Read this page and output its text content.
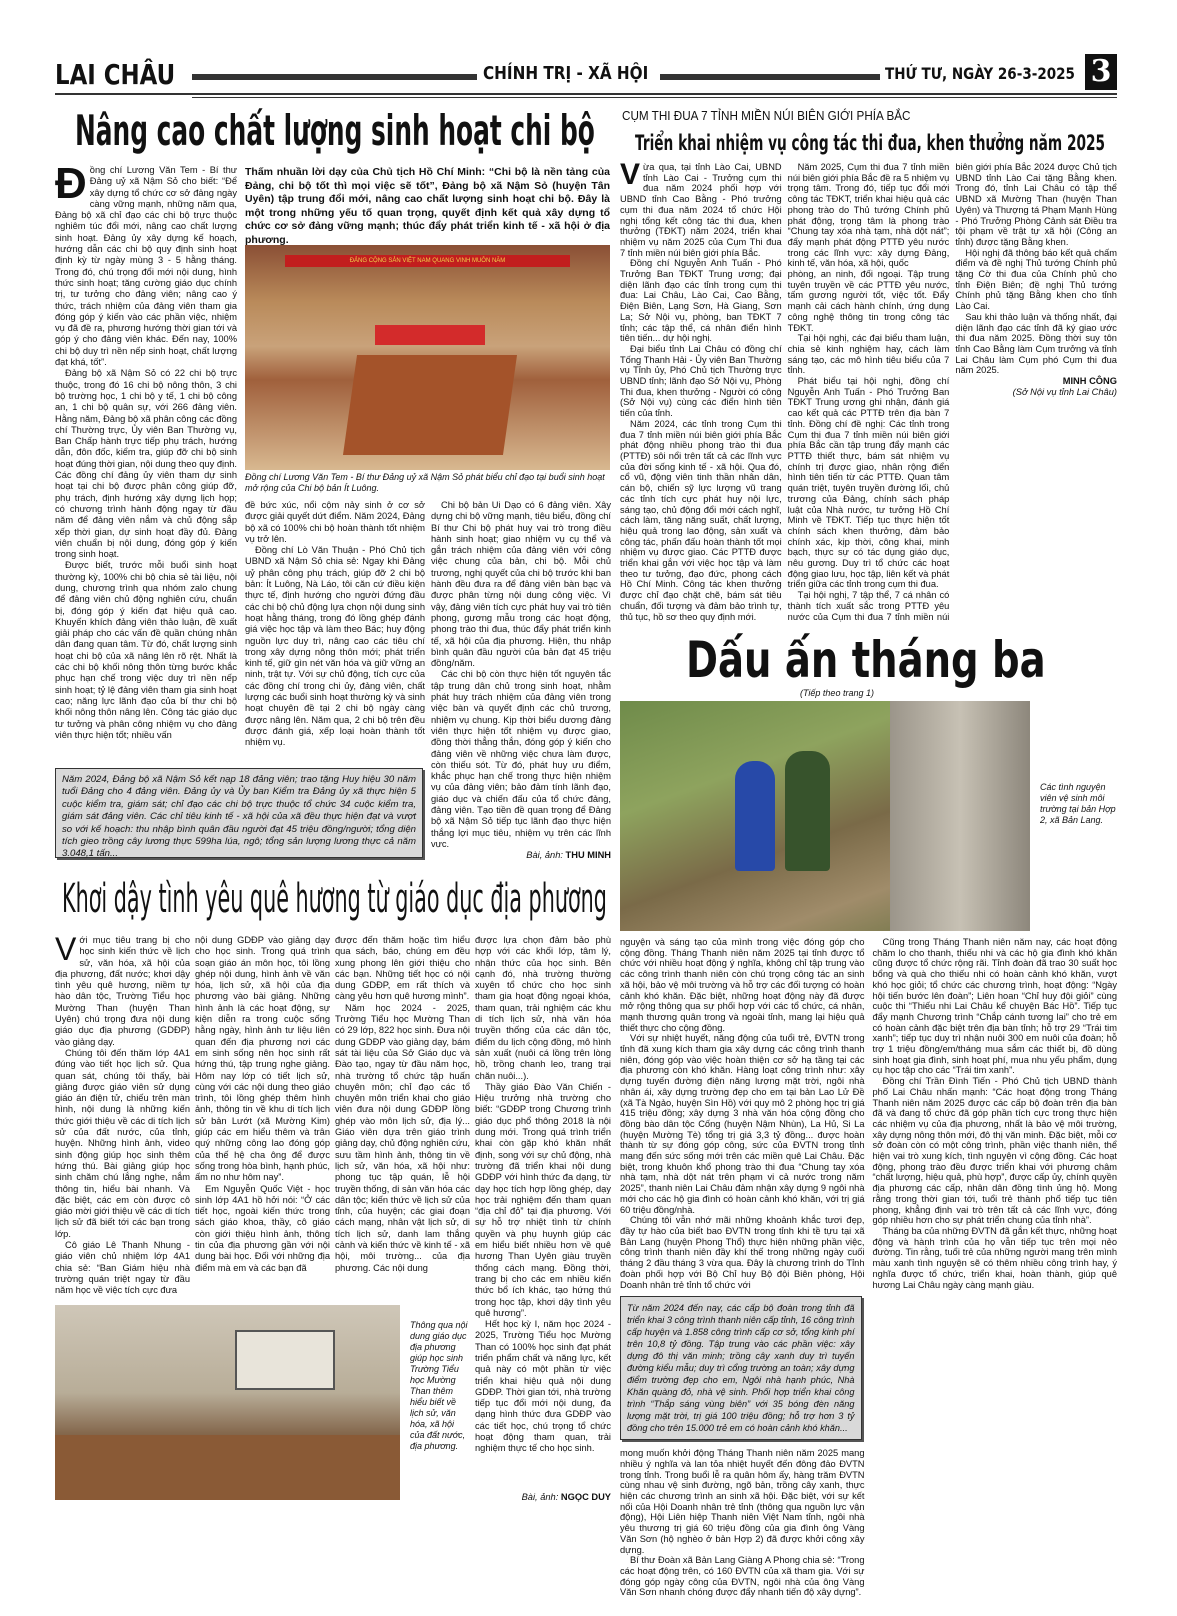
LAI CHÂU	CHÍNH TRỊ - XÃ HỘI	THỨ TƯ, NGÀY 26-3-2025 3
Nâng cao chất lượng sinh hoạt chi bộ
Đ ồng chí Lương Văn Tem - Bí thư Đảng uỷ xã Nậm Sỏ cho biết: “Để xây dựng tổ chức cơ sở đảng ngày càng vững mạnh, những năm qua, Đảng bộ xã chỉ đạo các chi bộ trực thuộc nghiêm túc đổi mới, nâng cao chất lượng sinh hoạt. Đảng ủy xây dựng kế hoạch, hướng dẫn các chi bộ quy định sinh hoạt định kỳ từ ngày mùng 3 - 5 hằng tháng. Trong đó, chú trọng đổi mới nội dung, hình thức sinh hoạt; tăng cường giáo dục chính trị, tư tưởng cho đảng viên; nâng cao ý thức, trách nhiệm của đảng viên tham gia đóng góp ý kiến vào các phần việc, nhiệm vụ đã đề ra, phương hướng thời gian tới và góp ý cho đảng viên khác. Đến nay, 100% chi bộ duy trì nền nếp sinh hoạt, chất lượng đạt khá, tốt”.

Đảng bộ xã Nậm Sỏ có 22 chi bộ trực thuộc, trong đó 16 chi bộ nông thôn, 3 chi bộ trường học, 1 chi bộ y tế, 1 chi bộ công an, 1 chi bộ quân sự, với 266 đảng viên. Hằng năm, Đảng bộ xã phân công các đồng chí Thường trực, Ủy viên Ban Thường vụ, Ban Chấp hành trực tiếp phụ trách, hướng dẫn, đôn đốc, kiểm tra, giúp đỡ chi bộ sinh hoạt đúng thời gian, nội dung theo quy định. Các đồng chí đảng ủy viên tham dự sinh hoạt tại chi bộ được phân công giúp đỡ, phụ trách, định hướng xây dựng lịch họp; có chương trình hành động ngay từ đầu năm để đảng viên nắm và chủ động sắp xếp thời gian, dự sinh hoạt đầy đủ. Đảng viên chuẩn bị nội dung, đóng góp ý kiến trong sinh hoạt.

Được biết, trước mỗi buổi sinh hoạt thường kỳ, 100% chi bộ chia sẻ tài liệu, nội dung, chương trình qua nhóm zalo chung để đảng viên chủ động nghiên cứu, chuẩn bị, đóng góp ý kiến đạt hiệu quả cao. Khuyến khích đảng viên thảo luận, đề xuất giải pháp cho các vấn đề quần chúng nhân dân đang quan tâm. Từ đó, chất lượng sinh hoạt chi bộ của xã nâng lên rõ rệt. Nhất là các chi bộ khối nông thôn từng bước khắc phục hạn chế trong việc duy trì nền nếp sinh hoạt; tỷ lệ đảng viên tham gia sinh hoạt cao; năng lực lãnh đạo của bí thư chi bộ khối nông thôn nâng lên. Công tác giáo dục tư tưởng và phân công nhiệm vụ cho đảng viên thực hiện tốt; nhiều vấn

Thấm nhuần lời dạy của Chủ tịch Hồ Chí Minh: “Chi bộ là nền tảng của Đảng, chi bộ tốt thì mọi việc sẽ tốt”, Đảng bộ xã Nậm Sỏ (huyện Tân Uyên) tập trung đổi mới, nâng cao chất lượng sinh hoạt chi bộ. Đây là một trong những yếu tố quan trọng, quyết định kết quả xây dựng tổ chức cơ sở đảng vững mạnh; thúc đẩy phát triển kinh tế - xã hội ở địa phương.
ĐẢNG CỘNG SẢN VIỆT NAM QUANG VINH MUÔN NĂM
Đồng chí Lương Văn Tem - Bí thư Đảng uỷ xã Nậm Sỏ phát biểu chỉ đạo tại buổi sinh hoạt mở rộng của Chi bộ bản Ít Luông.

đề bức xúc, nổi cộm nảy sinh ở cơ sở được giải quyết dứt điểm. Năm 2024, Đảng bộ xã có 100% chi bộ hoàn thành tốt nhiệm vụ trở lên.

Đồng chí Lò Văn Thuận - Phó Chủ tịch UBND xã Nậm Sỏ chia sẻ: Ngay khi Đảng uỷ phân công phụ trách, giúp đỡ 2 chi bộ bản: Ít Luông, Nà Láo, tôi căn cứ điều kiện thực tế, định hướng cho người đứng đầu các chi bộ chủ động lựa chọn nội dung sinh hoạt hằng tháng, trong đó lồng ghép đánh giá việc học tập và làm theo Bác; huy động nguồn lực duy trì, nâng cao các tiêu chí trong xây dựng nông thôn mới; phát triển kinh tế, giữ gìn nét văn hóa và giữ vững an ninh, trật tự. Với sự chủ động, tích cực của các đồng chí trong chi ủy, đảng viên, chất lượng các buổi sinh hoạt thường kỳ và sinh hoạt chuyên đề tại 2 chi bộ ngày càng được nâng lên. Năm qua, 2 chi bộ trên đều được đánh giá, xếp loại hoàn thành tốt nhiệm vụ.

Chi bộ bản Ui Dạo có 6 đảng viên. Xây dựng chi bộ vững mạnh, tiêu biểu, đồng chí Bí thư Chi bộ phát huy vai trò trong điều hành sinh hoạt; giao nhiệm vụ cụ thể và gắn trách nhiệm của đảng viên với công việc chung của bản, chi bộ. Mỗi chủ trương, nghị quyết của chi bộ trước khi ban hành đều đưa ra để đảng viên bàn bạc và được phân từng nội dung công việc. Vì vậy, đảng viên tích cực phát huy vai trò tiên phong, gương mẫu trong các hoạt động, phong trào thi đua, thúc đẩy phát triển kinh tế, xã hội của địa phương. Hiện, thu nhập bình quân đầu người của bản đạt 45 triệu đồng/năm.

Các chi bộ còn thực hiện tốt nguyên tắc tập trung dân chủ trong sinh hoạt, nhằm phát huy trách nhiệm của đảng viên trong việc bàn và quyết định các chủ trương, nhiệm vụ chung. Kịp thời biểu dương đảng viên thực hiện tốt nhiệm vụ được giao, đồng thời thẳng thắn, đóng góp ý kiến cho đảng viên về những việc chưa làm được, còn thiếu sót. Từ đó, phát huy ưu điểm, khắc phục hạn chế trong thực hiện nhiệm vụ của đảng viên; bảo đảm tính lãnh đạo, giáo dục và chiến đấu của tổ chức đảng, đảng viên. Tạo tiền đề quan trọng để Đảng bộ xã Nậm Sỏ tiếp tục lãnh đạo thực hiện thắng lợi mục tiêu, nhiệm vụ trên các lĩnh vực.

Bài, ảnh: THU MINH
Năm 2024, Đảng bộ xã Nậm Sỏ kết nạp 18 đảng viên; trao tặng Huy hiệu 30 năm tuổi Đảng cho 4 đảng viên. Đảng ủy và Ủy ban Kiểm tra Đảng ủy xã thực hiện 5 cuộc kiểm tra, giám sát; chỉ đạo các chi bộ trực thuộc tổ chức 34 cuộc kiểm tra, giám sát đảng viên. Các chỉ tiêu kinh tế - xã hội của xã đều thực hiện đạt và vượt so với kế hoạch: thu nhập bình quân đầu người đạt 45 triệu đồng/người; tổng diện tích gieo trồng cây lương thực 599ha lúa, ngô; tổng sản lượng lương thực cả năm 3.048,1 tấn...
CỤM THI ĐUA 7 TỈNH MIỀN NÚI BIÊN GIỚI PHÍA BẮC
Triển khai nhiệm vụ công tác thi đua, khen thưởng năm 2025
V ừa qua, tại tỉnh Lào Cai, UBND tỉnh Lào Cai - Trưởng cụm thi đua năm 2024 phối hợp với UBND tỉnh Cao Bằng - Phó trưởng cụm thi đua năm 2024 tổ chức Hội nghị tổng kết công tác thi đua, khen thưởng (TĐKT) năm 2024, triển khai nhiệm vụ năm 2025 của Cụm Thi đua 7 tỉnh miền núi biên giới phía Bắc.

Đồng chí Nguyễn Anh Tuấn - Phó Trưởng Ban TĐKT Trung ương; đại diện lãnh đạo các tỉnh trong cụm thi đua: Lai Châu, Lào Cai, Cao Bằng, Điện Biên, Lạng Sơn, Hà Giang, Sơn La; Sở Nội vụ, phòng, ban TĐKT 7 tỉnh; các tập thể, cá nhân điển hình tiên tiến... dự hội nghị.

Đại biểu tỉnh Lai Châu có đồng chí Tống Thanh Hải - Ủy viên Ban Thường vụ Tỉnh ủy, Phó Chủ tịch Thường trực UBND tỉnh; lãnh đạo Sở Nội vụ, Phòng Thi đua, khen thưởng - Người có công (Sở Nội vụ) cùng các điển hình tiên tiến của tỉnh.

Năm 2024, các tỉnh trong Cụm thi đua 7 tỉnh miền núi biên giới phía Bắc phát động nhiều phong trào thi đua (PTTĐ) sôi nổi trên tất cả các lĩnh vực của đời sống kinh tế - xã hội. Qua đó, cổ vũ, động viên tinh thần nhân dân, cán bộ, chiến sỹ lực lượng vũ trang các tỉnh tích cực phát huy nội lực, sáng tạo, chủ động đổi mới cách nghĩ, cách làm, tăng năng suất, chất lượng, hiệu quả trong lao động, sản xuất và công tác, phấn đấu hoàn thành tốt mọi nhiệm vụ được giao. Các PTTĐ được triển khai gắn với việc học tập và làm theo tư tưởng, đạo đức, phong cách Hồ Chí Minh. Công tác khen thưởng được chỉ đạo chặt chẽ, bám sát tiêu chuẩn, đối tượng và đảm bảo trình tự, thủ tục, hồ sơ theo quy định mới.

Năm 2025, Cụm thi đua 7 tỉnh miền núi biên giới phía Bắc đề ra 5 nhiệm vụ trọng tâm. Trong đó, tiếp tục đổi mới công tác TĐKT, triển khai hiệu quả các phong trào do Thủ tướng Chính phủ phát động, trọng tâm là phong trào “Chung tay xóa nhà tạm, nhà dột nát”; đẩy mạnh phát động PTTĐ yêu nước trong các lĩnh vực: xây dựng Đảng, kinh tế, văn hóa, xã hội, quốc

phòng, an ninh, đối ngoại. Tập trung tuyên truyền về các PTTĐ yêu nước, tấm gương người tốt, việc tốt. Đẩy mạnh cải cách hành chính, ứng dụng công nghệ thông tin trong công tác TĐKT.

Tại hội nghị, các đại biểu tham luận, chia sẻ kinh nghiệm hay, cách làm sáng tạo, các mô hình tiêu biểu của 7 tỉnh.

Phát biểu tại hội nghị, đồng chí Nguyễn Anh Tuấn - Phó Trưởng Ban TĐKT Trung ương ghi nhận, đánh giá cao kết quả các PTTĐ trên địa bàn 7 tỉnh. Đồng chí đề nghị: Các tỉnh trong Cụm thi đua 7 tỉnh miền núi biên giới phía Bắc cần tập trung đẩy mạnh các PTTĐ thiết thực, bám sát nhiệm vụ chính trị được giao, nhân rộng điển hình tiên tiến từ các PTTĐ. Quan tâm quán triệt, tuyên truyền đường lối, chủ trương của Đảng, chính sách pháp luật của Nhà nước, tư tưởng Hồ Chí Minh về TĐKT. Tiếp tục thực hiện tốt chính sách khen thưởng, đảm bảo chính xác, kịp thời, công khai, minh bạch, thực sự có tác dụng giáo dục, nêu gương. Duy trì tổ chức các hoạt động giao lưu, học tập, liên kết và phát triển giữa các tỉnh trong cụm thi đua.

Tại hội nghị, 7 tập thể, 7 cá nhân có thành tích xuất sắc trong PTTĐ yêu nước của Cụm thi đua 7 tỉnh miền núi biên giới phía Bắc 2024 được Chủ tịch UBND tỉnh Lào Cai tặng Bằng khen. Trong đó, tỉnh Lai Châu có tập thể UBND xã Mường Than (huyện Than Uyên) và Thượng tá Phạm Mạnh Hùng - Phó Trưởng Phòng Cảnh sát Điều tra tội phạm về trật tự xã hội (Công an tỉnh) được tặng Bằng khen.

Hội nghị đã thông báo kết quả chấm điểm và đề nghị Thủ tướng Chính phủ tặng Cờ thi đua của Chính phủ cho tỉnh Điện Biên; đề nghị Thủ tướng Chính phủ tặng Bằng khen cho tỉnh Lào Cai.

Sau khi thảo luận và thống nhất, đại diện lãnh đạo các tỉnh đã ký giao ước thi đua năm 2025. Đồng thời suy tôn tỉnh Cao Bằng làm Cụm trưởng và tỉnh Lai Châu làm Cụm phó Cụm thi đua năm 2025.

MINH CÔNG
(Sở Nội vụ tỉnh Lai Châu)
Dấu ấn tháng ba
(Tiếp theo trang 1)
Các tình nguyện viên vệ sinh môi trường tại bản Hợp 2, xã Bản Lang.

nguyện và sáng tạo của mình trong việc đóng góp cho cộng đồng. Tháng Thanh niên năm 2025 tại tỉnh được tổ chức với nhiều hoạt động ý nghĩa, không chỉ tập trung vào các công trình thanh niên còn chú trọng công tác an sinh xã hội, bảo vệ môi trường và hỗ trợ các đối tượng có hoàn cảnh khó khăn. Đặc biệt, những hoạt động này đã được mở rộng thông qua sự phối hợp với các tổ chức, cá nhân, mạnh thương quân trong và ngoài tỉnh, mang lại hiệu quả thiết thực cho cộng đồng.

Với sự nhiệt huyết, năng động của tuổi trẻ, ĐVTN trong tỉnh đã xung kích tham gia xây dựng các công trình thanh niên, đóng góp vào việc hoàn thiện cơ sở hạ tầng tại các địa phương còn khó khăn. Hàng loạt công trình như: xây dựng tuyến đường điện năng lượng mặt trời, ngôi nhà nhân ái, xây dựng trường đẹp cho em tại bản Lao Lử Đề (xã Tà Ngảo, huyện Sìn Hồ) với quy mô 2 phòng học trị giá 415 triệu đồng; xây dựng 3 nhà văn hóa cộng đồng cho đồng bào dân tộc Cống (huyện Nậm Nhùn), La Hủ, Si La (huyện Mường Tè) tổng trị giá 3,3 tỷ đồng... được hoàn thành từ sự đóng góp công, sức của ĐVTN trong tỉnh mang đến sức sống mới trên các miền quê Lai Châu. Đặc biệt, trong khuôn khổ phong trào thi đua “Chung tay xóa nhà tạm, nhà dột nát trên phạm vi cả nước trong năm 2025”, thanh niên Lai Châu đảm nhận xây dựng 9 ngôi nhà mới cho các hộ gia đình có hoàn cảnh khó khăn, với trị giá 60 triệu đồng/nhà.

Chúng tôi vẫn nhớ mãi những khoảnh khắc tươi đẹp, đầy tự hào của biết bao ĐVTN trong tỉnh khi tề tựu tại xã Bản Lang (huyện Phong Thổ) thực hiện những phần việc, công trình thanh niên đầy khí thế trong những ngày cuối tháng 2 đầu tháng 3 vừa qua. Đây là chương trình do Tỉnh đoàn phối hợp với Bộ Chỉ huy Bộ đội Biên phòng, Hội Doanh nhân trẻ tỉnh tổ chức với

Từ năm 2024 đến nay, các cấp bộ đoàn trong tỉnh đã triển khai 3 công trình thanh niên cấp tỉnh, 16 công trình cấp huyện và 1.858 công trình cấp cơ sở, tổng kinh phí trên 10,8 tỷ đồng. Tập trung vào các phần việc: xây dựng đô thị văn minh; trồng cây xanh duy trì tuyến đường kiểu mẫu; duy trì cổng trường an toàn; xây dựng điểm trường đẹp cho em, Ngôi nhà hạnh phúc, Nhà Khăn quàng đỏ, nhà vệ sinh. Phối hợp triển khai công trình “Thắp sáng vùng biên” với 35 bóng đèn năng lượng mặt trời, trị giá 100 triệu đồng; hỗ trợ hơn 3 tỷ đồng cho trên 15.000 trẻ em có hoàn cảnh khó khăn...

mong muốn khởi động Tháng Thanh niên năm 2025 mang nhiều ý nghĩa và lan tỏa nhiệt huyết đến đông đảo ĐVTN trong tỉnh. Trong buổi lễ ra quân hôm ấy, hàng trăm ĐVTN cùng nhau vệ sinh đường, ngõ bản, trồng cây xanh, thực hiện các chương trình an sinh xã hội. Đặc biệt, với sự kết nối của Hội Doanh nhân trẻ tỉnh (thông qua nguồn lực vận động), Hội Liên hiệp Thanh niên Việt Nam tỉnh, ngôi nhà yêu thương trị giá 60 triệu đồng của gia đình ông Vàng Văn Sơn (hộ nghèo ở bản Hợp 2) đã được khởi công xây dựng.

Bí thư Đoàn xã Bản Lang Giàng A Phong chia sẻ: “Trong các hoạt động trên, có 160 ĐVTN của xã tham gia. Với sự đóng góp ngày công của ĐVTN, ngôi nhà của ông Vàng Văn Sơn nhanh chóng được đẩy nhanh tiến độ xây dựng”.

Cũng trong Tháng Thanh niên năm nay, các hoạt động chăm lo cho thanh, thiếu nhi và các hộ gia đình khó khăn cũng được tổ chức rộng rãi. Tỉnh đoàn đã trao 30 suất học bổng và quà cho thiếu nhi có hoàn cảnh khó khăn, vượt khó học giỏi; tổ chức các chương trình, hoạt động: “Ngày hội tiến bước lên đoàn”; Liên hoan “Chỉ huy đội giỏi” cùng cuộc thi “Thiếu nhi Lai Châu kể chuyện Bác Hồ”. Tiếp tục đẩy mạnh Chương trình “Chắp cánh tương lai” cho trẻ em có hoàn cảnh đặc biệt trên địa bàn tỉnh; hỗ trợ 29 “Trái tim xanh”; tiếp tục duy trì nhận nuôi 300 em nuôi của đoàn; hỗ trợ 1 triệu đồng/em/tháng mua sắm các thiết bị, đồ dùng sinh hoạt gia đình, sinh hoạt phí, mua nhu yếu phẩm, dụng cụ học tập cho các “Trái tim xanh”.

Đồng chí Trần Đình Tiến - Phó Chủ tịch UBND thành phố Lai Châu nhấn mạnh: “Các hoạt động trong Tháng Thanh niên năm 2025 được các cấp bộ đoàn trên địa bàn đã và đang tổ chức đã góp phần tích cực trong thực hiện các nhiệm vụ của địa phương, nhất là bảo vệ môi trường, xây dựng nông thôn mới, đô thị văn minh. Đặc biệt, mỗi cơ sở đoàn còn có một công trình, phần việc thanh niên, thể hiện vai trò xung kích, tình nguyện vì cộng đồng. Các hoạt động, phong trào đều được triển khai với phương châm “chất lượng, hiệu quả, phù hợp”, được cấp ủy, chính quyền địa phương các cấp, nhân dân đồng tình ủng hộ. Mong rằng trong thời gian tới, tuổi trẻ thành phố tiếp tục tiên phong, khẳng định vai trò trên tất cả các lĩnh vực, đóng góp nhiều hơn cho sự phát triển chung của tỉnh nhà”.

Tháng ba của những ĐVTN đã gắn kết thực, những hoạt động và hành trình của họ vẫn tiếp tục trên mọi nẻo đường. Tin rằng, tuổi trẻ của những người mang trên mình màu xanh tình nguyện sẽ có thêm nhiều công trình hay, ý nghĩa được tổ chức, triển khai, hoàn thành, giúp quê hương Lai Châu ngày càng mạnh giàu.

Khơi dậy tình yêu quê hương từ giáo dục địa phương
V ới mục tiêu trang bị cho học sinh kiến thức về lịch sử, văn hóa, xã hội của địa phương, đất nước; khơi dậy tình yêu quê hương, niềm tự hào dân tộc, Trường Tiểu học Mường Than (huyện Than Uyên) chú trọng đưa nội dung giáo dục địa phương (GDĐP) vào giảng dạy.

Chúng tôi đến thăm lớp 4A1 đúng vào tiết học lịch sử. Qua quan sát, chúng tôi thấy, bài giảng được giáo viên sử dụng giáo án điện tử, chiếu trên màn hình, nội dung là những kiến thức giới thiệu về các di tích lịch sử của đất nước, của tỉnh, huyện. Những hình ảnh, video sinh động giúp học sinh thêm hứng thú. Bài giảng giúp học sinh chăm chú lắng nghe, nắm thông tin, hiểu bài nhanh. Và đặc biệt, các em còn được cô giáo mời giới thiệu về các di tích lịch sử đã biết tới các bạn trong lớp.

Cô giáo Lê Thanh Nhung - giáo viên chủ nhiệm lớp 4A1 chia sẻ: “Ban Giám hiệu nhà trường quán triệt ngay từ đầu năm học về việc tích cực đưa

nội dung GDĐP vào giảng dạy cho học sinh. Trong quá trình soạn giáo án môn học, tôi lồng ghép nội dung, hình ảnh về văn hóa, lịch sử, xã hội của địa phương vào bài giảng. Những hình ảnh là các hoạt động, sự kiện diễn ra trong cuộc sống hằng ngày, hình ảnh tư liệu liên quan đến địa phương nơi các em sinh sống nên học sinh rất hứng thú, tập trung nghe giảng. Hôm nay lớp có tiết lịch sử, cùng với các nội dung theo giáo trình, tôi lồng ghép thêm hình ảnh, thông tin về khu di tích lịch sử bản Lướt (xã Mường Kim) giúp các em hiểu thêm và trân quý những công lao đóng góp của thế hệ cha ông để được sống trong hòa bình, hạnh phúc, ấm no như hôm nay”.

Em Nguyễn Quốc Việt - học sinh lớp 4A1 hồ hởi nói: “Ở các tiết học, ngoài kiến thức trong sách giáo khoa, thầy, cô giáo còn giới thiệu hình ảnh, thông tin của địa phương gần với nội dung bài học. Đối với những địa điểm mà em và các bạn đã

được đến thăm hoặc tìm hiểu qua sách, báo, chúng em đều xung phong lên giới thiệu cho các bạn. Những tiết học có nội dung GDĐP, em rất thích và càng yêu hơn quê hương mình”.

Năm học 2024 - 2025, Trường Tiểu học Mường Than có 29 lớp, 822 học sinh. Đưa nội dung GDĐP vào giảng dạy, bám sát tài liệu của Sở Giáo dục và Đào tạo, ngay từ đầu năm học, nhà trường tổ chức tập huấn chuyên môn; chỉ đạo các tổ chuyên môn triển khai cho giáo viên đưa nội dung GDĐP lồng ghép vào môn lịch sử, địa lý... Giáo viên dựa trên giáo trình giảng dạy, chủ động nghiên cứu, sưu tầm hình ảnh, thông tin về lịch sử, văn hóa, xã hội như: phong tục tập quán, lễ hội truyền thống, di sản văn hóa các dân tộc; kiến thức về lịch sử của tỉnh, của huyện; các giai đoạn cách mạng, nhân vật lịch sử, di tích lịch sử, danh lam thắng cảnh và kiến thức về kinh tế - xã hội, môi trường... của địa phương. Các nội dung

được lựa chọn đảm bảo phù hợp với các khối lớp, tâm lý, nhận thức của học sinh. Bên cạnh đó, nhà trường thường xuyên tổ chức cho học sinh tham gia hoạt động ngoại khóa, tham quan, trải nghiệm các khu di tích lịch sử, nhà văn hóa truyền thống của các dân tộc, điểm du lịch cộng đồng, mô hình sản xuất (nuôi cá lồng trên lòng hồ, trồng chanh leo, trang trại chăn nuôi...).

Thầy giáo Đào Văn Chiến - Hiệu trưởng nhà trường cho biết: “GDĐP trong Chương trình giáo dục phổ thông 2018 là nội dung mới. Trong quá trình triển khai còn gặp khó khăn nhất định, song với sự chủ động, nhà trường đã triển khai nội dung GDĐP với hình thức đa dạng, từ dạy học tích hợp lồng ghép, dạy học trải nghiệm đến tham quan “địa chỉ đỏ” tại địa phương. Với sự hỗ trợ nhiệt tình từ chính quyền và phụ huynh giúp các em hiểu biết nhiều hơn về quê hương Than Uyên giàu truyền thống cách mạng. Đồng thời, trang bị cho các em nhiều kiến thức bổ ích khác, tạo hứng thú trong học tập, khơi dậy tình yêu quê hương”.

Hết học kỳ I, năm học 2024 - 2025, Trường Tiểu học Mường Than có 100% học sinh đạt phát triển phẩm chất và năng lực, kết quả này có một phần từ việc triển khai hiệu quả nội dung GDĐP. Thời gian tới, nhà trường tiếp tục đổi mới nội dung, đa dạng hình thức đưa GDĐP vào các tiết học, chú trọng tổ chức hoạt động tham quan, trải nghiệm thực tế cho học sinh.

Bài, ảnh: NGỌC DUY
Thông qua nội dung giáo dục địa phương giúp học sinh Trường Tiểu học Mường Than thêm hiểu biết về lịch sử, văn hóa, xã hội của đất nước, địa phương.
